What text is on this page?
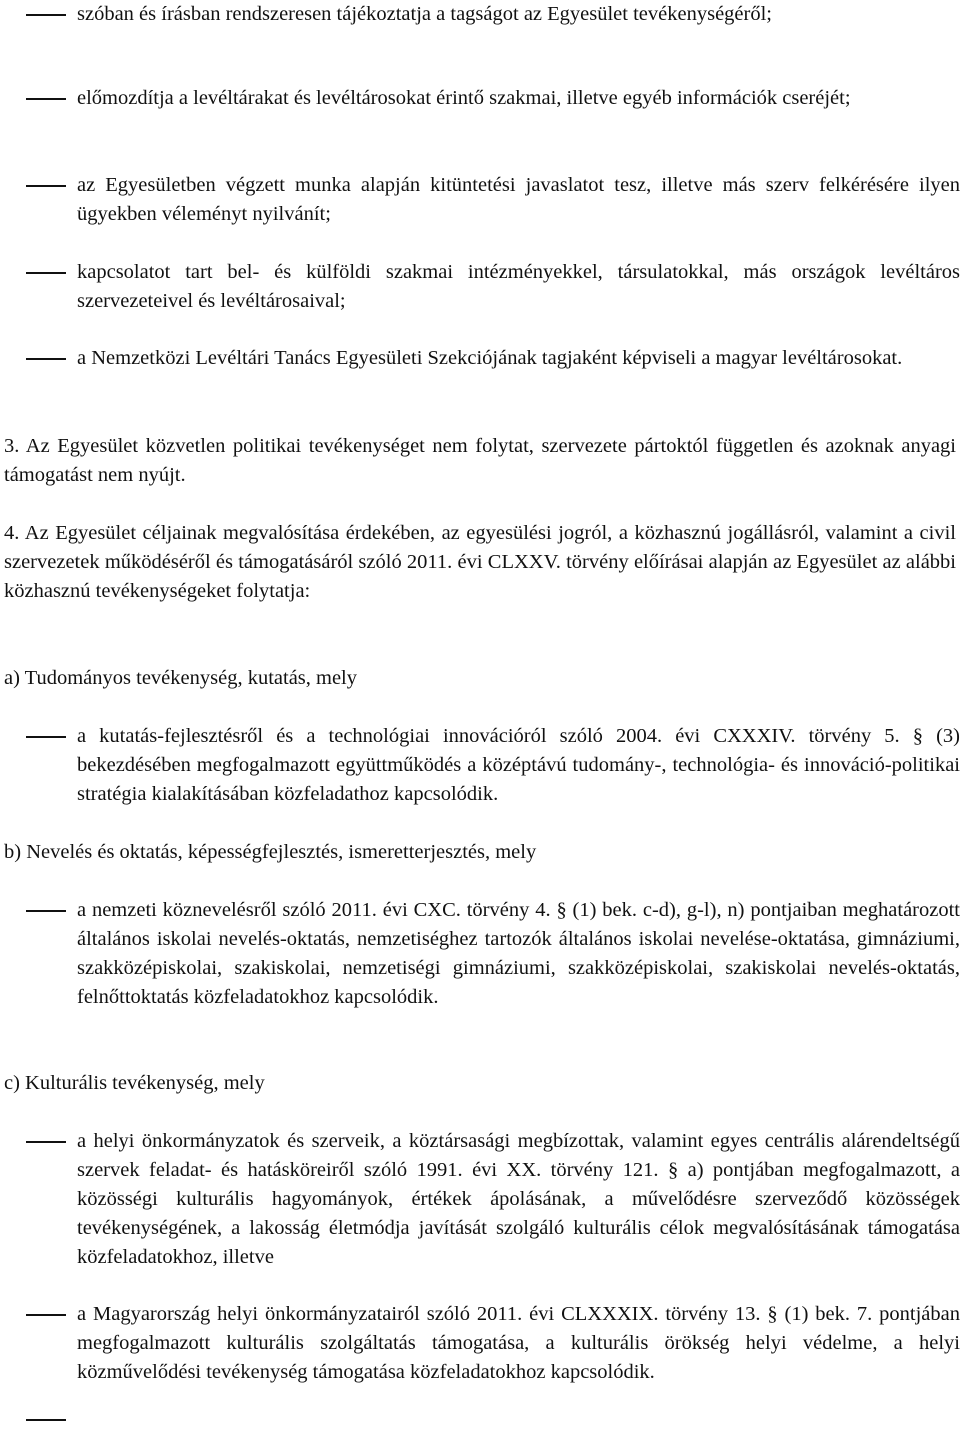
szóban és írásban rendszeresen tájékoztatja a tagságot az Egyesület tevékenységéről;
előmozdítja a levéltárakat és levéltárosokat érintő szakmai, illetve egyéb információk cseréjét;
az Egyesületben végzett munka alapján kitüntetési javaslatot tesz, illetve más szerv felkérésére ilyen ügyekben véleményt nyilvánít;
kapcsolatot tart bel- és külföldi szakmai intézményekkel, társulatokkal, más országok levéltáros szervezeteivel és levéltárosaival;
a Nemzetközi Levéltári Tanács Egyesületi Szekciójának tagjaként képviseli a magyar levéltárosokat.
3. Az Egyesület közvetlen politikai tevékenységet nem folytat, szervezete pártoktól független és azoknak anyagi támogatást nem nyújt.
4. Az Egyesület céljainak megvalósítása érdekében, az egyesülési jogról, a közhasznú jogállásról, valamint a civil szervezetek működéséről és támogatásáról szóló 2011. évi CLXXV. törvény előírásai alapján az Egyesület az alábbi közhasznú tevékenységeket folytatja:
a) Tudományos tevékenység, kutatás, mely
a kutatás-fejlesztésről és a technológiai innovációról szóló 2004. évi CXXXIV. törvény 5. § (3) bekezdésében megfogalmazott együttműködés a középtávú tudomány-, technológia- és innováció-politikai stratégia kialakításában közfeladathoz kapcsolódik.
b) Nevelés és oktatás, képességfejlesztés, ismeretterjesztés, mely
a nemzeti köznevelésről szóló 2011. évi CXC. törvény 4. § (1) bek. c-d), g-l), n) pontjaiban meghatározott általános iskolai nevelés-oktatás, nemzetiséghez tartozók általános iskolai nevelése-oktatása, gimnáziumi, szakközépiskolai, szakiskolai, nemzetiségi gimnáziumi, szakközépiskolai, szakiskolai nevelés-oktatás, felnőttoktatás közfeladatokhoz kapcsolódik.
c) Kulturális tevékenység, mely
a helyi önkormányzatok és szerveik, a köztársasági megbízottak, valamint egyes centrális alárendeltségű szervek feladat- és hatásköreiről szóló 1991. évi XX. törvény 121. § a) pontjában megfogalmazott, a közösségi kulturális hagyományok, értékek ápolásának, a művelődésre szerveződő közösségek tevékenységének, a lakosság életmódja javítását szolgáló kulturális célok megvalósításának támogatása közfeladatokhoz, illetve
a Magyarország helyi önkormányzatairól szóló 2011. évi CLXXXIX. törvény 13. § (1) bek. 7. pontjában megfogalmazott kulturális szolgáltatás támogatása, a kulturális örökség helyi védelme, a helyi közművelődési tevékenység támogatása közfeladatokhoz kapcsolódik.
